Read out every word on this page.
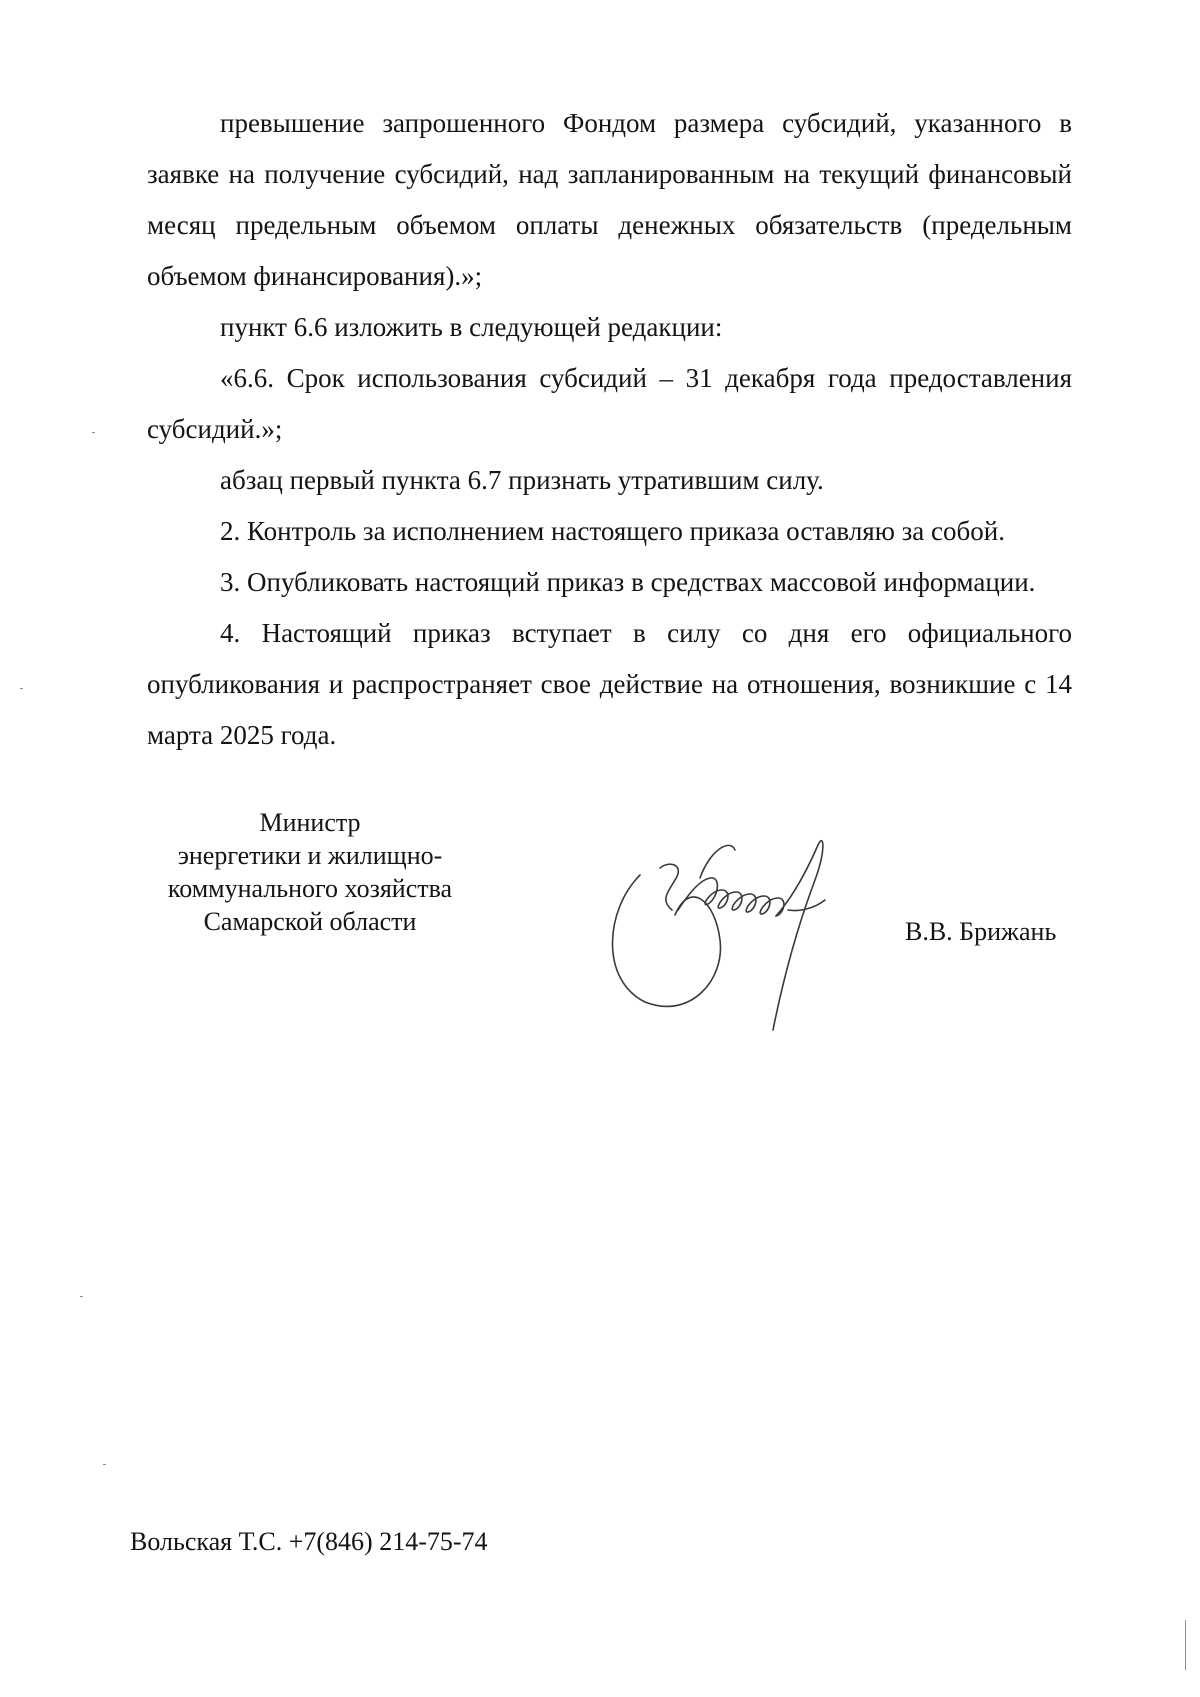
превышение запрошенного Фондом размера субсидий, указанного в заявке на получение субсидий, над запланированным на текущий финансовый месяц предельным объемом оплаты денежных обязательств (предельным объемом финансирования).»;

пункт 6.6 изложить в следующей редакции:

«6.6. Срок использования субсидий – 31 декабря года предоставления субсидий.»;

абзац первый пункта 6.7 признать утратившим силу.

2. Контроль за исполнением настоящего приказа оставляю за собой.

3. Опубликовать настоящий приказ в средствах массовой информации.

4. Настоящий приказ вступает в силу со дня его официального опубликования и распространяет свое действие на отношения, возникшие с 14 марта 2025 года.

Министр
энергетики и жилищно-
коммунального хозяйства
Самарской области	В.В. Брижань
Вольская Т.С. +7(846) 214-75-74
